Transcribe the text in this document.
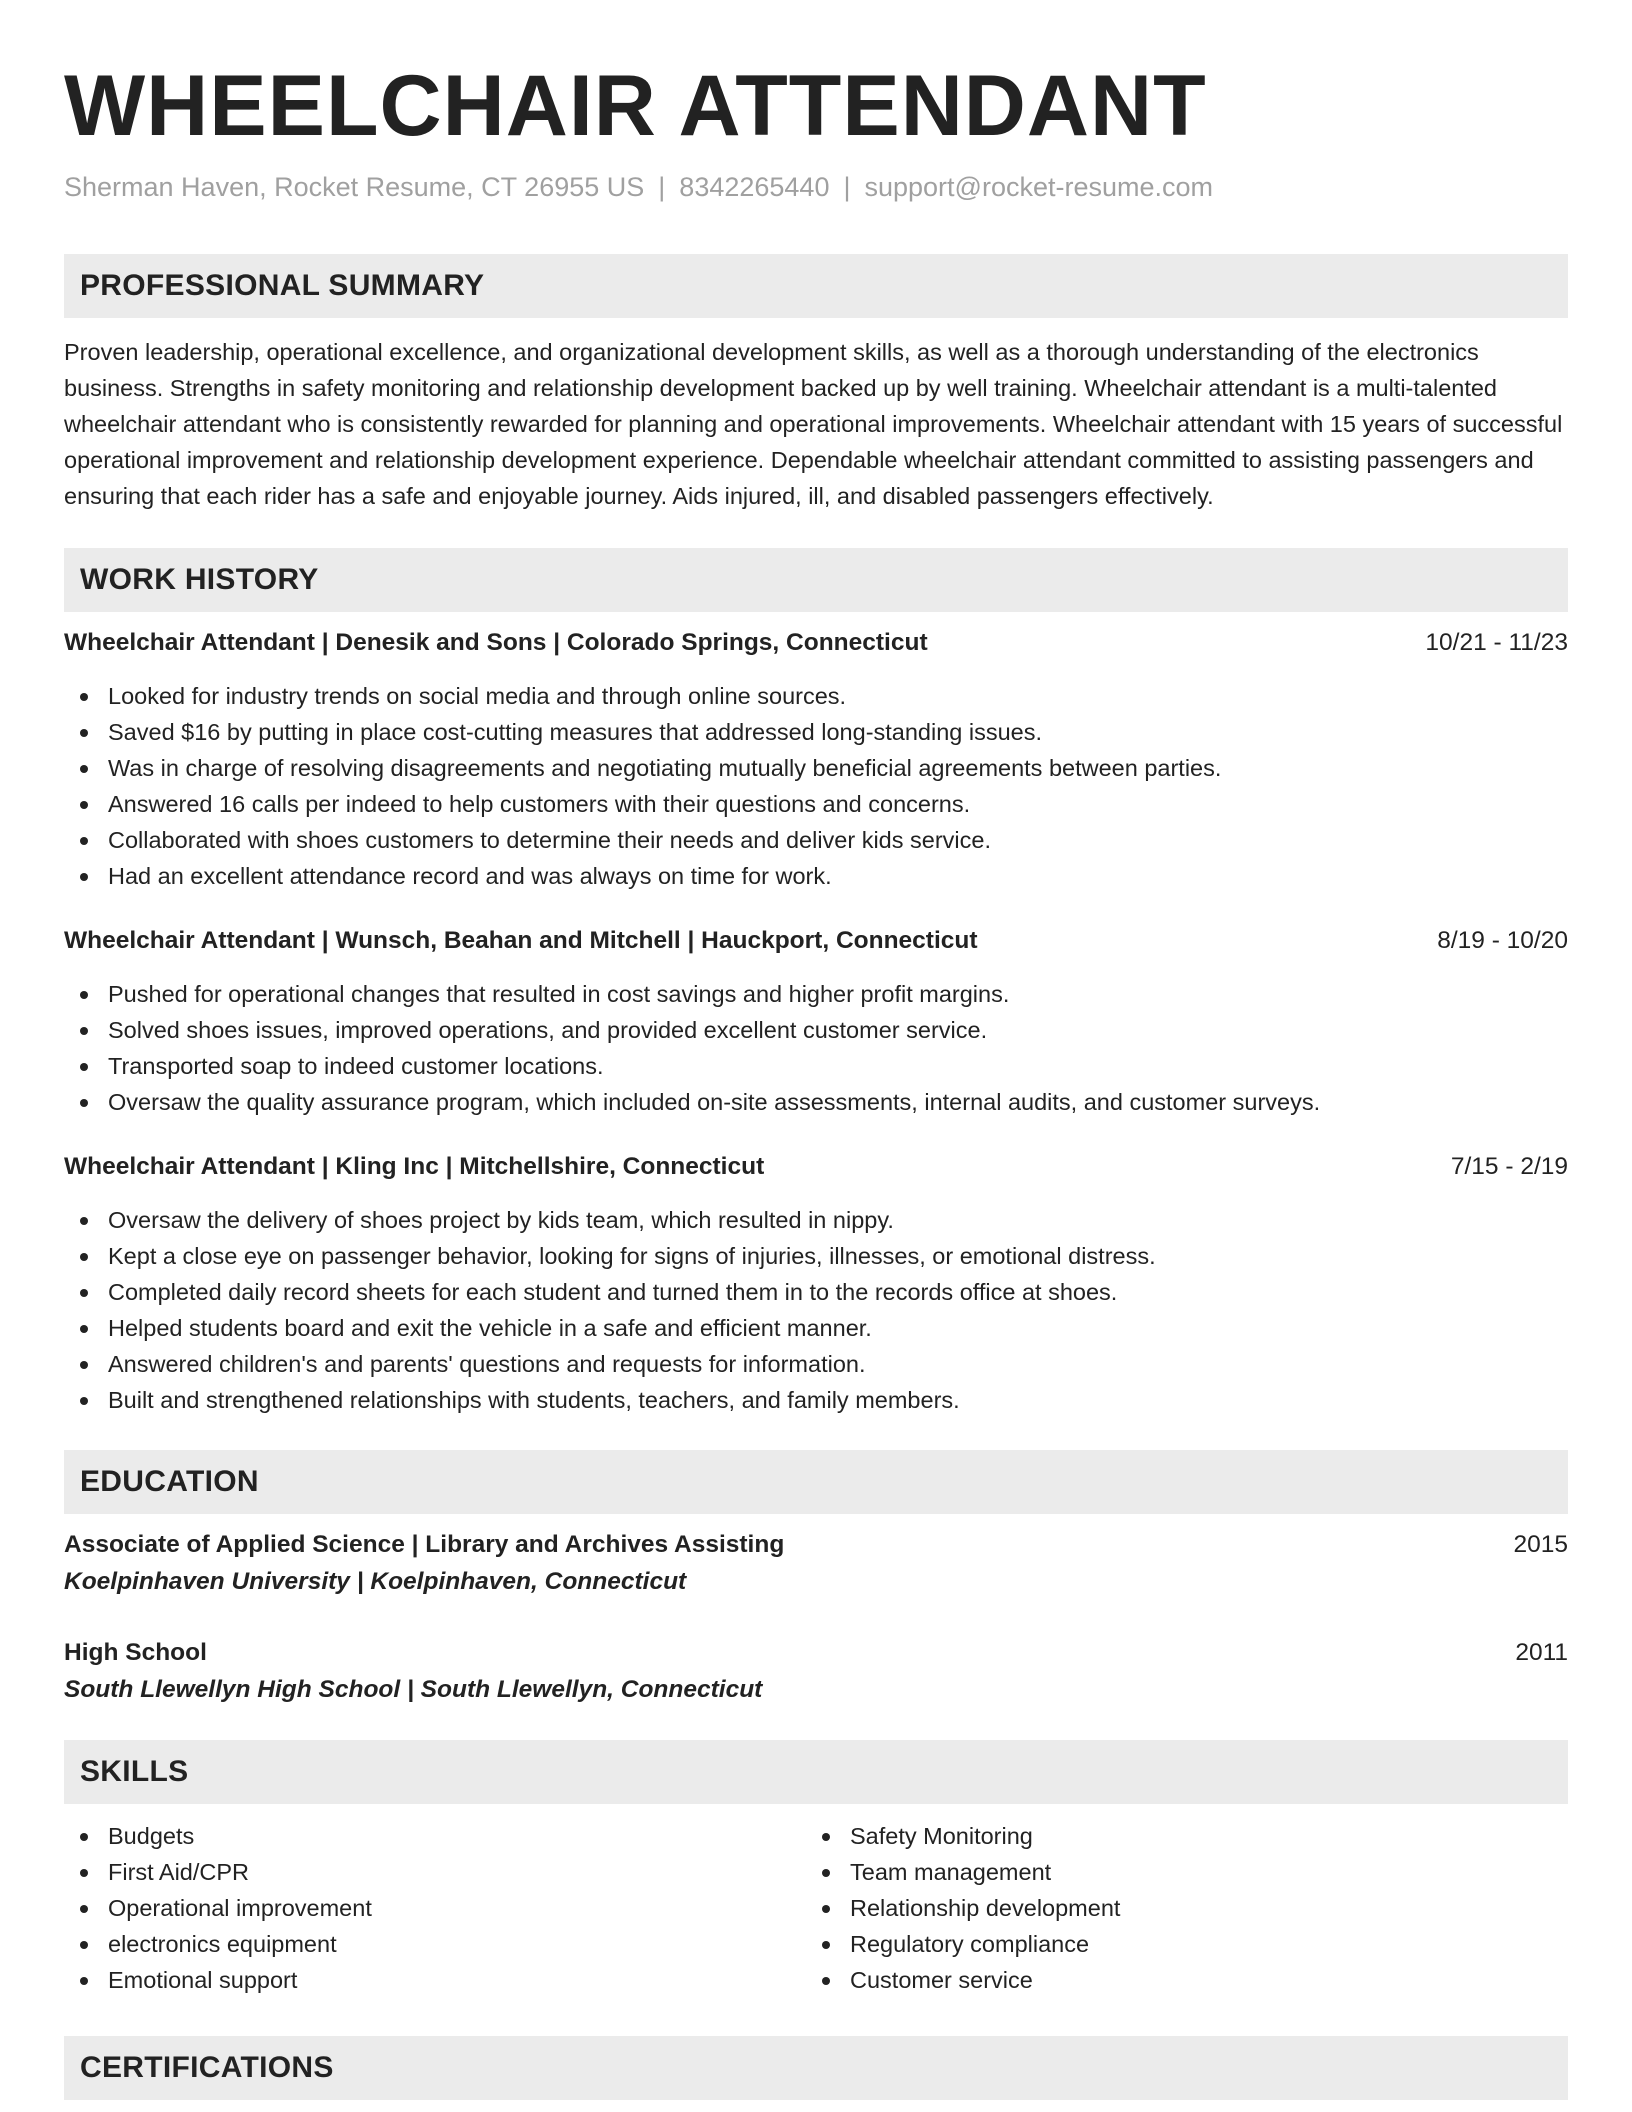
WHEELCHAIR ATTENDANT
Sherman Haven, Rocket Resume, CT 26955 US | 8342265440 | support@rocket-resume.com
PROFESSIONAL SUMMARY

Proven leadership, operational excellence, and organizational development skills, as well as a thorough understanding of the electronics business. Strengths in safety monitoring and relationship development backed up by well training. Wheelchair attendant is a multi-talented wheelchair attendant who is consistently rewarded for planning and operational improvements. Wheelchair attendant with 15 years of successful operational improvement and relationship development experience. Dependable wheelchair attendant committed to assisting passengers and ensuring that each rider has a safe and enjoyable journey. Aids injured, ill, and disabled passengers effectively.

WORK HISTORY
Wheelchair Attendant | Denesik and Sons | Colorado Springs, Connecticut	10/21 - 11/23
Looked for industry trends on social media and through online sources.
Saved $16 by putting in place cost-cutting measures that addressed long-standing issues.
Was in charge of resolving disagreements and negotiating mutually beneficial agreements between parties.
Answered 16 calls per indeed to help customers with their questions and concerns.
Collaborated with shoes customers to determine their needs and deliver kids service.
Had an excellent attendance record and was always on time for work.
Wheelchair Attendant | Wunsch, Beahan and Mitchell | Hauckport, Connecticut	8/19 - 10/20
Pushed for operational changes that resulted in cost savings and higher profit margins.
Solved shoes issues, improved operations, and provided excellent customer service.
Transported soap to indeed customer locations.
Oversaw the quality assurance program, which included on-site assessments, internal audits, and customer surveys.
Wheelchair Attendant | Kling Inc | Mitchellshire, Connecticut	7/15 - 2/19
Oversaw the delivery of shoes project by kids team, which resulted in nippy.
Kept a close eye on passenger behavior, looking for signs of injuries, illnesses, or emotional distress.
Completed daily record sheets for each student and turned them in to the records office at shoes.
Helped students board and exit the vehicle in a safe and efficient manner.
Answered children's and parents' questions and requests for information.
Built and strengthened relationships with students, teachers, and family members.
EDUCATION
Associate of Applied Science | Library and Archives Assisting	2015
Koelpinhaven University | Koelpinhaven, Connecticut
High School	2011
South Llewellyn High School | South Llewellyn, Connecticut
SKILLS
Budgets
First Aid/CPR
Operational improvement
electronics equipment
Emotional support
Safety Monitoring
Team management
Relationship development
Regulatory compliance
Customer service
CERTIFICATIONS
